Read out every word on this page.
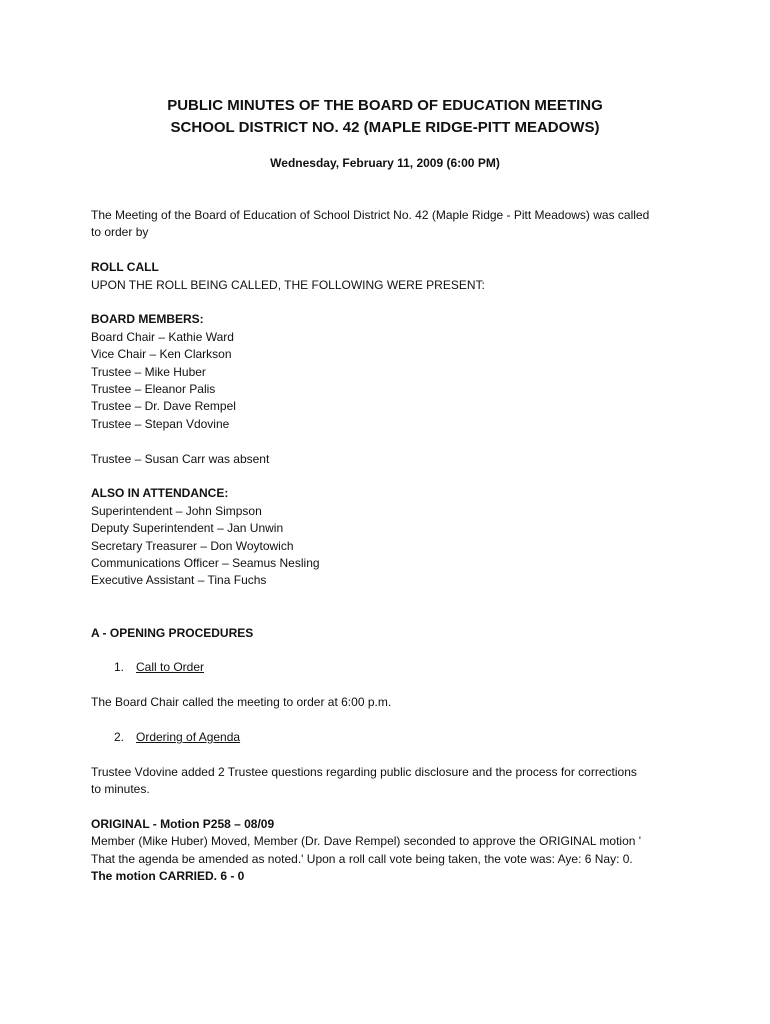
PUBLIC MINUTES OF THE BOARD OF EDUCATION MEETING
SCHOOL DISTRICT NO. 42 (MAPLE RIDGE-PITT MEADOWS)
Wednesday, February 11, 2009 (6:00 PM)

The Meeting of the Board of Education of School District No. 42 (Maple Ridge - Pitt Meadows) was called

to order by

ROLL CALL

UPON THE ROLL BEING CALLED, THE FOLLOWING WERE PRESENT:

BOARD MEMBERS:

Board Chair – Kathie Ward

Vice Chair – Ken Clarkson

Trustee – Mike Huber

Trustee – Eleanor Palis

Trustee – Dr. Dave Rempel

Trustee – Stepan Vdovine

Trustee – Susan Carr was absent

ALSO IN ATTENDANCE:

Superintendent – John Simpson

Deputy Superintendent – Jan Unwin

Secretary Treasurer – Don Woytowich

Communications Officer – Seamus Nesling

Executive Assistant – Tina Fuchs

A - OPENING PROCEDURES

1. Call to Order

The Board Chair called the meeting to order at 6:00 p.m.

2. Ordering of Agenda

Trustee Vdovine added 2 Trustee questions regarding public disclosure and the process for corrections

to minutes.

ORIGINAL - Motion P258 – 08/09

Member (Mike Huber) Moved, Member (Dr. Dave Rempel) seconded to approve the ORIGINAL motion '

That the agenda be amended as noted.' Upon a roll call vote being taken, the vote was: Aye: 6 Nay: 0.

The motion CARRIED. 6 - 0
